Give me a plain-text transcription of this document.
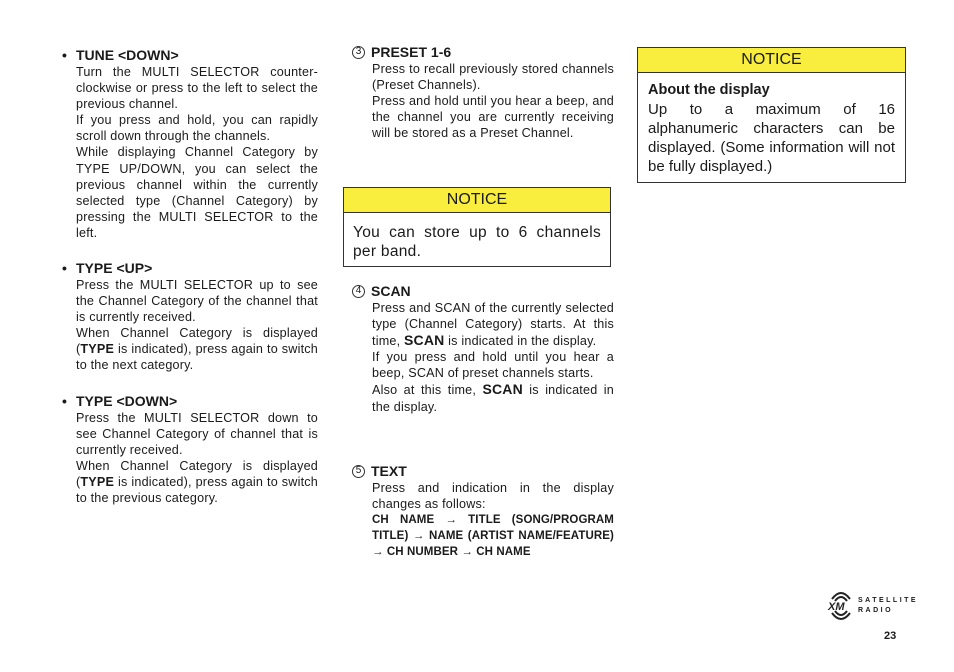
• TUNE <DOWN>

Turn the MULTI SELECTOR counter-clockwise or press to the left to select the previous channel.

If you press and hold, you can rapidly scroll down through the channels.

While displaying Channel Category by TYPE UP/DOWN, you can select the previous channel within the currently selected type (Channel Category) by pressing the MULTI SELECTOR to the left.

• TYPE <UP>

Press the MULTI SELECTOR up to see the Channel Category of the channel that is currently received.

When Channel Category is displayed (TYPE is indicated), press again to switch to the next category.

• TYPE <DOWN>

Press the MULTI SELECTOR down to see Channel Category of channel that is currently received.

When Channel Category is displayed (TYPE is indicated), press again to switch to the previous category.

3 PRESET 1-6

Press to recall previously stored channels (Preset Channels).

Press and hold until you hear a beep, and the channel you are currently receiving will be stored as a Preset Channel.

NOTICE
You can store up to 6 channels per band.
4 SCAN

Press and SCAN of the currently selected type (Channel Category) starts. At this time, SCAN is indicated in the display.

If you press and hold until you hear a beep, SCAN of preset channels starts.

Also at this time, SCAN is indicated in the display.

5 TEXT

Press and indication in the display changes as follows:

CH NAME → TITLE (SONG/PROGRAM TITLE) → NAME (ARTIST NAME/FEATURE) → CH NUMBER → CH NAME
NOTICE
About the display
Up to a maximum of 16 alphanumeric characters can be displayed. (Some information will not be fully displayed.)
XM
SATELLITE
RADIO
23
